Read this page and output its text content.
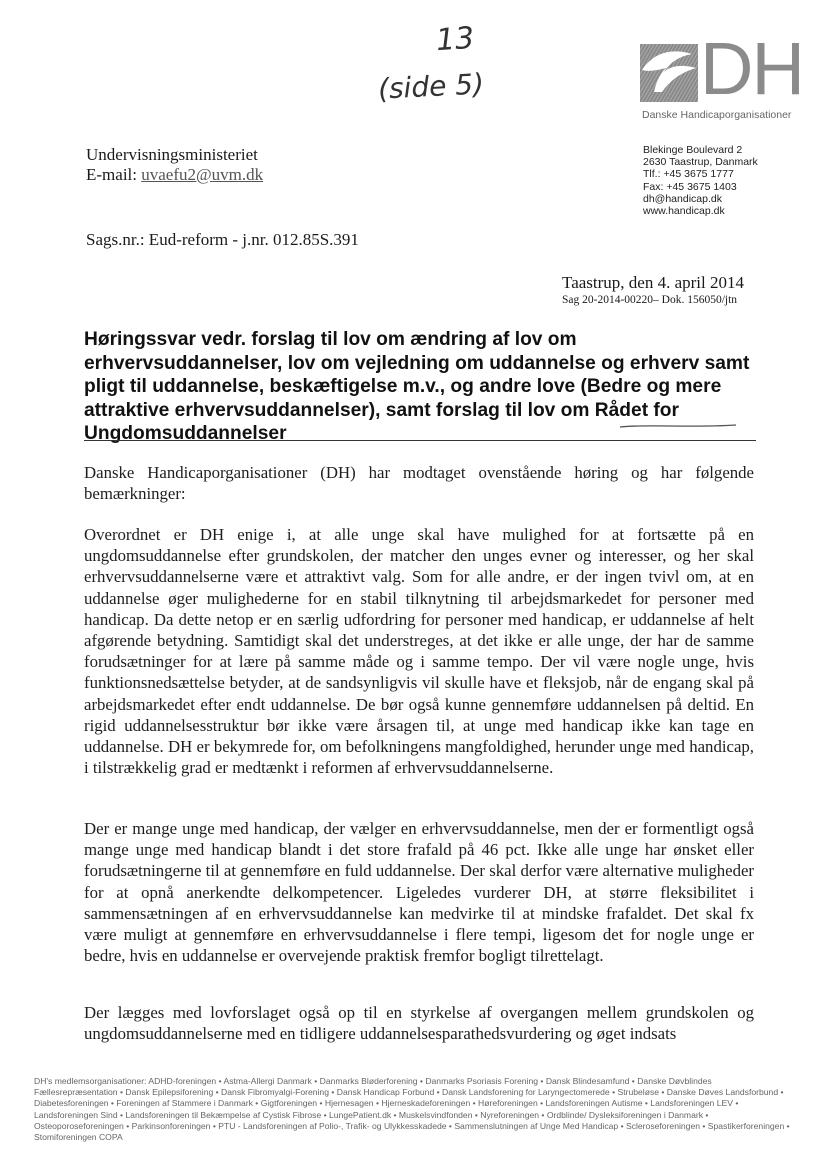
13
(side 5)	DH
Danske Handicaporganisationer
Blekinge Boulevard 2
2630 Taastrup, Danmark
Tlf.: +45 3675 1777
Fax: +45 3675 1403
dh@handicap.dk
www.handicap.dk
Undervisningsministeriet
E-mail: uvaefu2@uvm.dk
Sags.nr.: Eud-reform - j.nr. 012.85S.391
Taastrup, den 4. april 2014
Sag 20-2014-00220– Dok. 156050/jtn
Høringssvar vedr. forslag til lov om ændring af lov om erhvervsuddannelser, lov om vejledning om uddannelse og erhverv samt pligt til uddannelse, beskæftigelse m.v., og andre love (Bedre og mere attraktive erhvervsuddannelser), samt forslag til lov om Rådet for Ungdomsuddannelser
Danske Handicaporganisationer (DH) har modtaget ovenstående høring og har følgende bemærkninger:
Overordnet er DH enige i, at alle unge skal have mulighed for at fortsætte på en ungdomsuddannelse efter grundskolen, der matcher den unges evner og interesser, og her skal erhvervsuddannelserne være et attraktivt valg. Som for alle andre, er der ingen tvivl om, at en uddannelse øger mulighederne for en stabil tilknytning til arbejdsmarkedet for personer med handicap. Da dette netop er en særlig udfordring for personer med handicap, er uddannelse af helt afgørende betydning. Samtidigt skal det understreges, at det ikke er alle unge, der har de samme forudsætninger for at lære på samme måde og i samme tempo. Der vil være nogle unge, hvis funktionsnedsættelse betyder, at de sandsynligvis vil skulle have et fleksjob, når de engang skal på arbejdsmarkedet efter endt uddannelse. De bør også kunne gennemføre uddannelsen på deltid. En rigid uddannelsesstruktur bør ikke være årsagen til, at unge med handicap ikke kan tage en uddannelse. DH er bekymrede for, om befolkningens mangfoldighed, herunder unge med handicap, i tilstrækkelig grad er medtænkt i reformen af erhvervsuddannelserne.
Der er mange unge med handicap, der vælger en erhvervsuddannelse, men der er formentligt også mange unge med handicap blandt i det store frafald på 46 pct. Ikke alle unge har ønsket eller forudsætningerne til at gennemføre en fuld uddannelse. Der skal derfor være alternative muligheder for at opnå anerkendte delkompetencer. Ligeledes vurderer DH, at større fleksibilitet i sammensætningen af en erhvervsuddannelse kan medvirke til at mindske frafaldet. Det skal fx være muligt at gennemføre en erhvervsuddannelse i flere tempi, ligesom det for nogle unge er bedre, hvis en uddannelse er overvejende praktisk fremfor bogligt tilrettelagt.
Der lægges med lovforslaget også op til en styrkelse af overgangen mellem grundskolen og ungdomsuddannelserne med en tidligere uddannelsesparathedsvurdering og øget indsats
DH's medlemsorganisationer: ADHD-foreningen • Astma-Allergi Danmark • Danmarks Bløderforening • Danmarks Psoriasis Forening • Dansk Blindesamfund • Danske Døvblindes Fællesrepræsentation • Dansk Epilepsiforening • Dansk Fibromyalgi-Forening • Dansk Handicap Forbund • Dansk Landsforening for Laryngectomerede • Strubeløse • Danske Døves Landsforbund • Diabetesforeningen • Foreningen af Stammere i Danmark • Gigtforeningen • Hjernesagen • Hjerneskadeforeningen • Høreforeningen • Landsforeningen Autisme • Landsforeningen LEV • Landsforeningen Sind • Landsforeningen til Bekæmpelse af Cystisk Fibrose • LungePatient.dk • Muskelsvindfonden • Nyreforeningen • Ordblinde/ Dysleksiforeningen i Danmark • Osteoporoseforeningen • Parkinsonforeningen • PTU - Landsforeningen af Polio-, Trafik- og Ulykkesskadede • Sammenslutningen af Unge Med Handicap • Scleroseforeningen • Spastikerforeningen • Stomiforeningen COPA
